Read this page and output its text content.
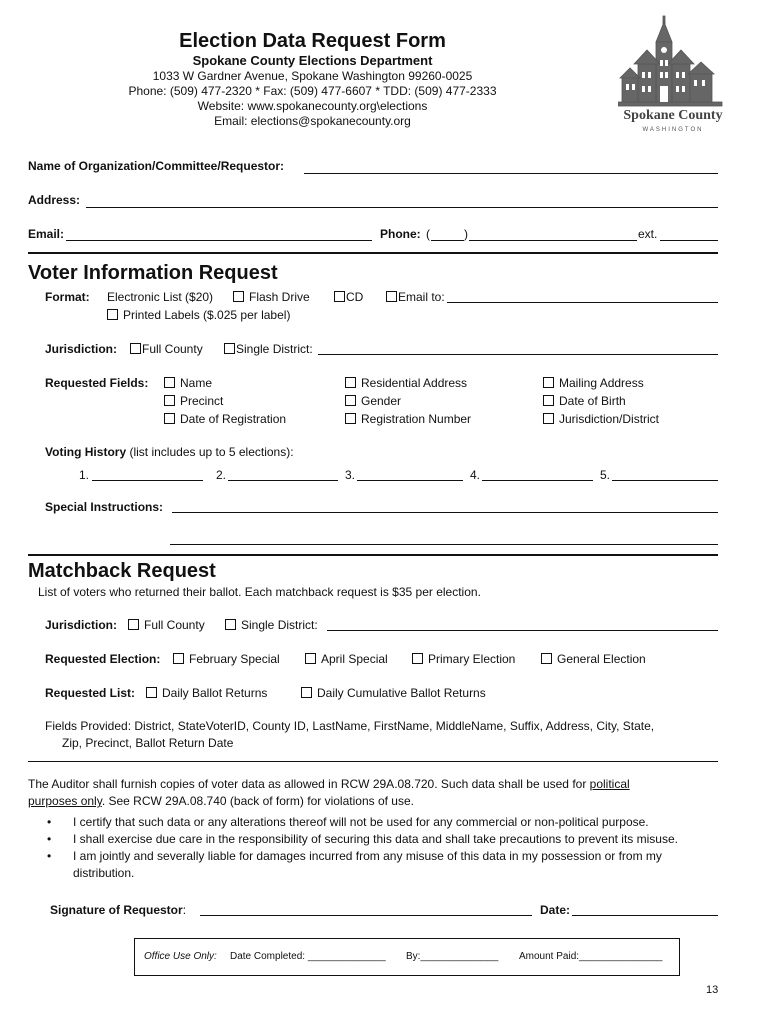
Election Data Request Form
Spokane County Elections Department
1033 W Gardner Avenue, Spokane Washington 99260-0025
Phone: (509) 477-2320 * Fax: (509) 477-6607 * TDD: (509) 477-2333
Website: www.spokanecounty.org\elections
Email: elections@spokanecounty.org	Spokane County
WASHINGTON
Name of Organization/Committee/Requestor:
Address:
Email:	Phone: (	)	ext.
Voter Information Request
Format: Electronic List ($20)	Flash Drive	CD	Email to:
Printed Labels ($.025 per label)
Jurisdiction:	Full County	Single District:
Requested Fields:	Name	Residential Address	Mailing Address
Precinct	Gender	Date of Birth
Date of Registration	Registration Number	Jurisdiction/District
Voting History (list includes up to 5 elections):
1.	2.	3.	4.	5.
Special Instructions:
Matchback Request
List of voters who returned their ballot. Each matchback request is $35 per election.
Jurisdiction:	Full County	Single District:
Requested Election:	February Special	April Special	Primary Election	General Election
Requested List:	Daily Ballot Returns	Daily Cumulative Ballot Returns
Fields Provided: District, StateVoterID, County ID, LastName, FirstName, MiddleName, Suffix, Address, City, State,
Zip, Precinct, Ballot Return Date
The Auditor shall furnish copies of voter data as allowed in RCW 29A.08.720. Such data shall be used for political
purposes only. See RCW 29A.08.740 (back of form) for violations of use.
• I certify that such data or any alterations thereof will not be used for any commercial or non-political purpose.
• I shall exercise due care in the responsibility of securing this data and shall take precautions to prevent its misuse.
• I am jointly and severally liable for damages incurred from any misuse of this data in my possession or from my
distribution.
Signature of Requestor:	Date:
Office Use Only: Date Completed: ______________ By:______________ Amount Paid:_______________
13
